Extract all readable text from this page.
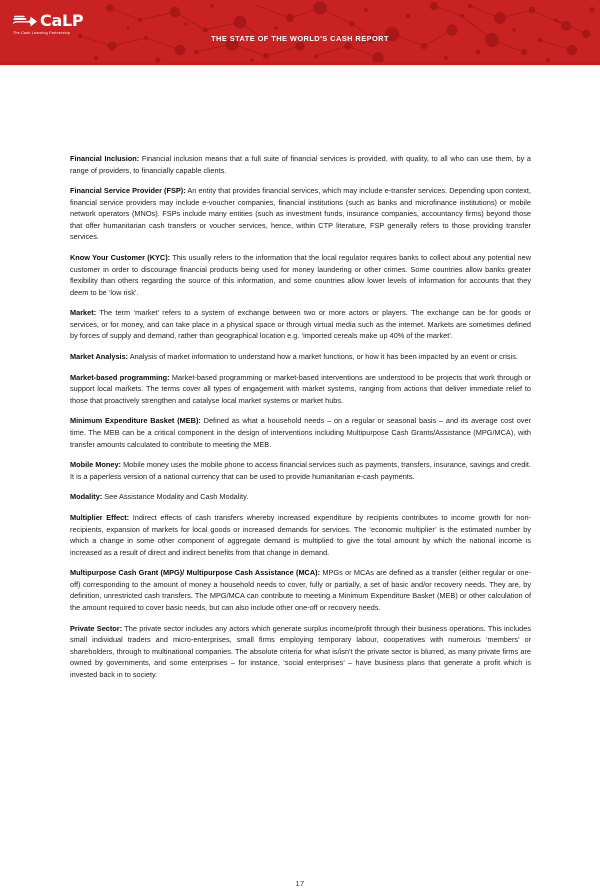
CaLP
The Cash Learning Partnership
THE STATE OF THE WORLD'S CASH REPORT

Financial Inclusion: Financial inclusion means that a full suite of financial services is provided, with quality, to all who can use them, by a range of providers, to financially capable clients.

Financial Service Provider (FSP): An entity that provides financial services, which may include e-transfer services. Depending upon context, financial service providers may include e-voucher companies, financial institutions (such as banks and microfinance institutions) or mobile network operators (MNOs). FSPs include many entities (such as investment funds, insurance companies, accountancy firms) beyond those that offer humanitarian cash transfers or voucher services, hence, within CTP literature, FSP generally refers to those providing transfer services.

Know Your Customer (KYC): This usually refers to the information that the local regulator requires banks to collect about any potential new customer in order to discourage financial products being used for money laundering or other crimes. Some countries allow banks greater flexibility than others regarding the source of this information, and some countries allow lower levels of information for accounts that they deem to be ‘low risk’.

Market: The term ‘market’ refers to a system of exchange between two or more actors or players. The exchange can be for goods or services, or for money, and can take place in a physical space or through virtual media such as the internet. Markets are sometimes defined by forces of supply and demand, rather than geographical location e.g. ‘imported cereals make up 40% of the market’.

Market Analysis: Analysis of market information to understand how a market functions, or how it has been impacted by an event or crisis.

Market-based programming: Market-based programming or market-based interventions are understood to be projects that work through or support local markets. The terms cover all types of engagement with market systems, ranging from actions that deliver immediate relief to those that proactively strengthen and catalyse local market systems or market hubs.

Minimum Expenditure Basket (MEB): Defined as what a household needs – on a regular or seasonal basis – and its average cost over time. The MEB can be a critical component in the design of interventions including Multipurpose Cash Grants/Assistance (MPG/MCA), with transfer amounts calculated to contribute to meeting the MEB.

Mobile Money: Mobile money uses the mobile phone to access financial services such as payments, transfers, insurance, savings and credit. It is a paperless version of a national currency that can be used to provide humanitarian e-cash payments.

Modality: See Assistance Modality and Cash Modality.

Multiplier Effect: Indirect effects of cash transfers whereby increased expenditure by recipients contributes to income growth for non-recipients, expansion of markets for local goods or increased demands for services. The ‘economic multiplier’ is the estimated number by which a change in some other component of aggregate demand is multiplied to give the total amount by which the national income is increased as a result of direct and indirect benefits from that change in demand.

Multipurpose Cash Grant (MPG)/ Multipurpose Cash Assistance (MCA): MPGs or MCAs are defined as a transfer (either regular or one-off) corresponding to the amount of money a household needs to cover, fully or partially, a set of basic and/or recovery needs. They are, by definition, unrestricted cash transfers. The MPG/MCA can contribute to meeting a Minimum Expenditure Basket (MEB) or other calculation of the amount required to cover basic needs, but can also include other one-off or recovery needs.

Private Sector: The private sector includes any actors which generate surplus income/profit through their business operations. This includes small individual traders and micro-enterprises, small firms employing temporary labour, cooperatives with numerous ‘members’ or shareholders, through to multinational companies. The absolute criteria for what is/isn’t the private sector is blurred, as many private firms are owned by governments, and some enterprises – for instance, ‘social enterprises’ – have business plans that generate a profit which is invested back in to society.

17
